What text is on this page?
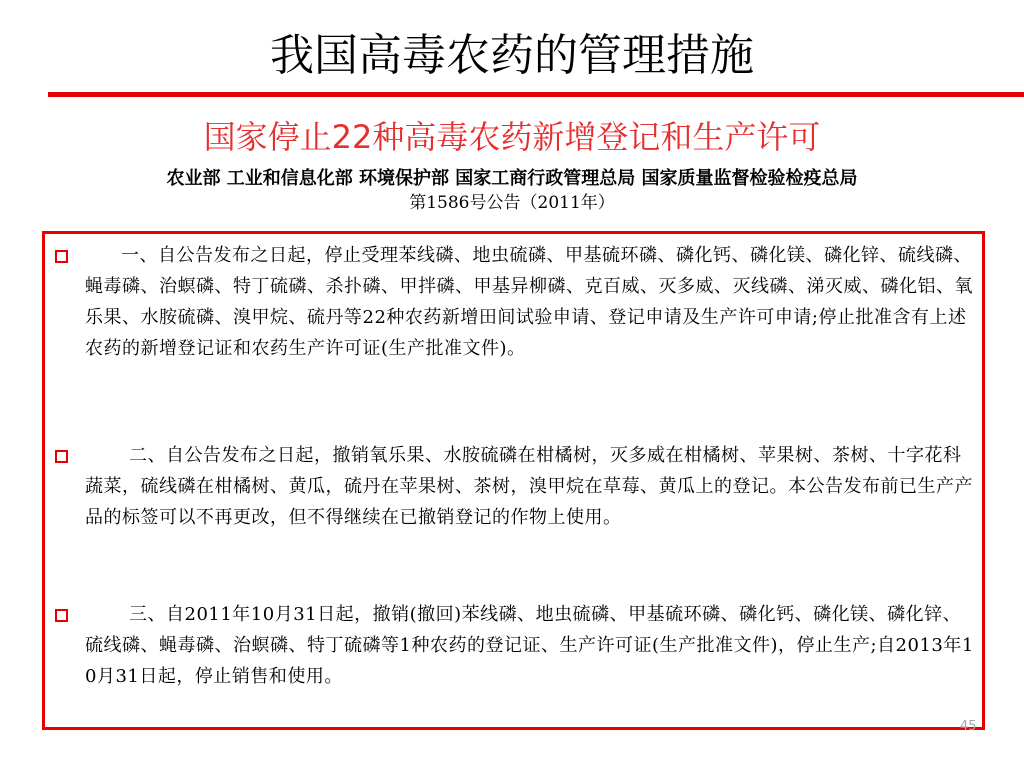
我国高毒农药的管理措施
国家停止22种高毒农药新增登记和生产许可
农业部 工业和信息化部 环境保护部 国家工商行政管理总局 国家质量监督检验检疫总局
第1586号公告（2011年）

一、自公告发布之日起，停止受理苯线磷、地虫硫磷、甲基硫环磷、磷化钙、磷化镁、磷化锌、硫线磷、蝇毒磷、治螟磷、特丁硫磷、杀扑磷、甲拌磷、甲基异柳磷、克百威、灭多威、灭线磷、涕灭威、磷化铝、氧乐果、水胺硫磷、溴甲烷、硫丹等22种农药新增田间试验申请、登记申请及生产许可申请;停止批准含有上述农药的新增登记证和农药生产许可证(生产批准文件)。

二、自公告发布之日起，撤销氧乐果、水胺硫磷在柑橘树，灭多威在柑橘树、苹果树、茶树、十字花科蔬菜，硫线磷在柑橘树、黄瓜，硫丹在苹果树、茶树，溴甲烷在草莓、黄瓜上的登记。本公告发布前已生产产品的标签可以不再更改，但不得继续在已撤销登记的作物上使用。

三、自2011年10月31日起，撤销(撤回)苯线磷、地虫硫磷、甲基硫环磷、磷化钙、磷化镁、磷化锌、硫线磷、蝇毒磷、治螟磷、特丁硫磷等1种农药的登记证、生产许可证(生产批准文件)，停止生产;自2013年10月31日起，停止销售和使用。

45
